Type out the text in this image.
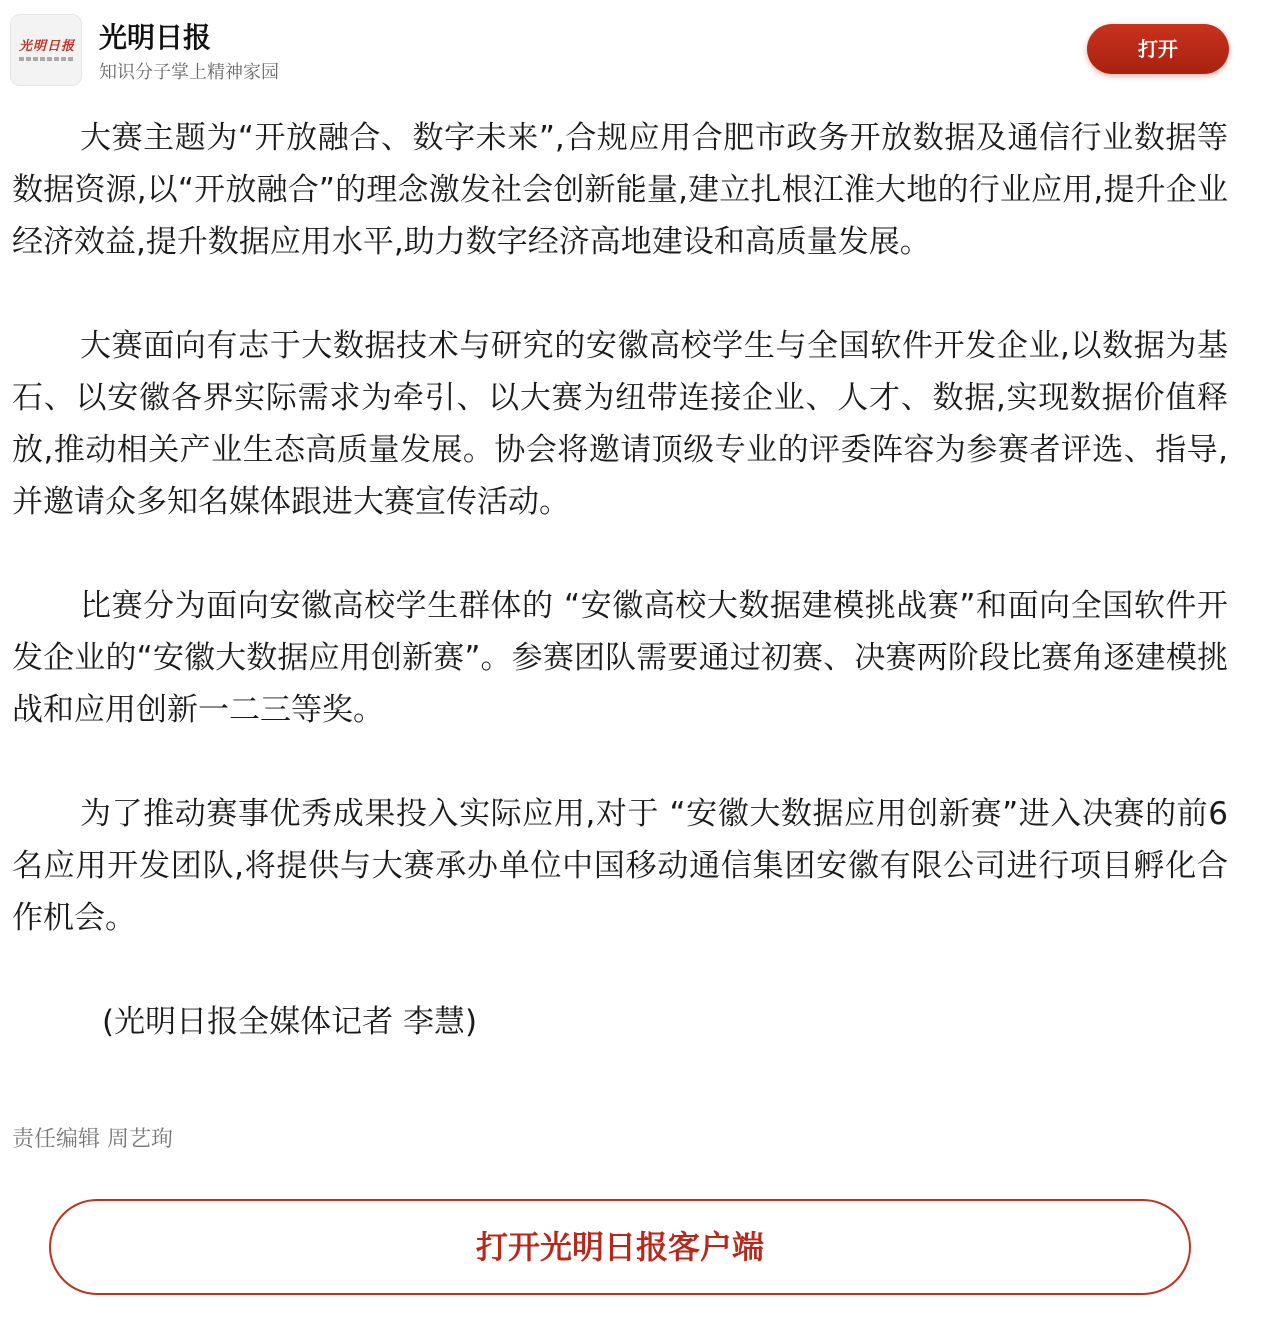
光明日报 光明日报
知识分子掌上精神家园
打开

大赛主题为“开放融合、数字未来”,合规应用合肥市政务开放数据及通信行业数据等数据资源,以“开放融合”的理念激发社会创新能量,建立扎根江淮大地的行业应用,提升企业经济效益,提升数据应用水平,助力数字经济高地建设和高质量发展。

大赛面向有志于大数据技术与研究的安徽高校学生与全国软件开发企业,以数据为基石、以安徽各界实际需求为牵引、以大赛为纽带连接企业、人才、数据,实现数据价值释放,推动相关产业生态高质量发展。协会将邀请顶级专业的评委阵容为参赛者评选、指导,并邀请众多知名媒体跟进大赛宣传活动。

比赛分为面向安徽高校学生群体的 “安徽高校大数据建模挑战赛”和面向全国软件开发企业的“安徽大数据应用创新赛”。参赛团队需要通过初赛、决赛两阶段比赛角逐建模挑战和应用创新一二三等奖。

为了推动赛事优秀成果投入实际应用,对于 “安徽大数据应用创新赛”进入决赛的前6名应用开发团队,将提供与大赛承办单位中国移动通信集团安徽有限公司进行项目孵化合作机会。

(光明日报全媒体记者 李慧)

责任编辑 周艺珣
打开光明日报客户端
